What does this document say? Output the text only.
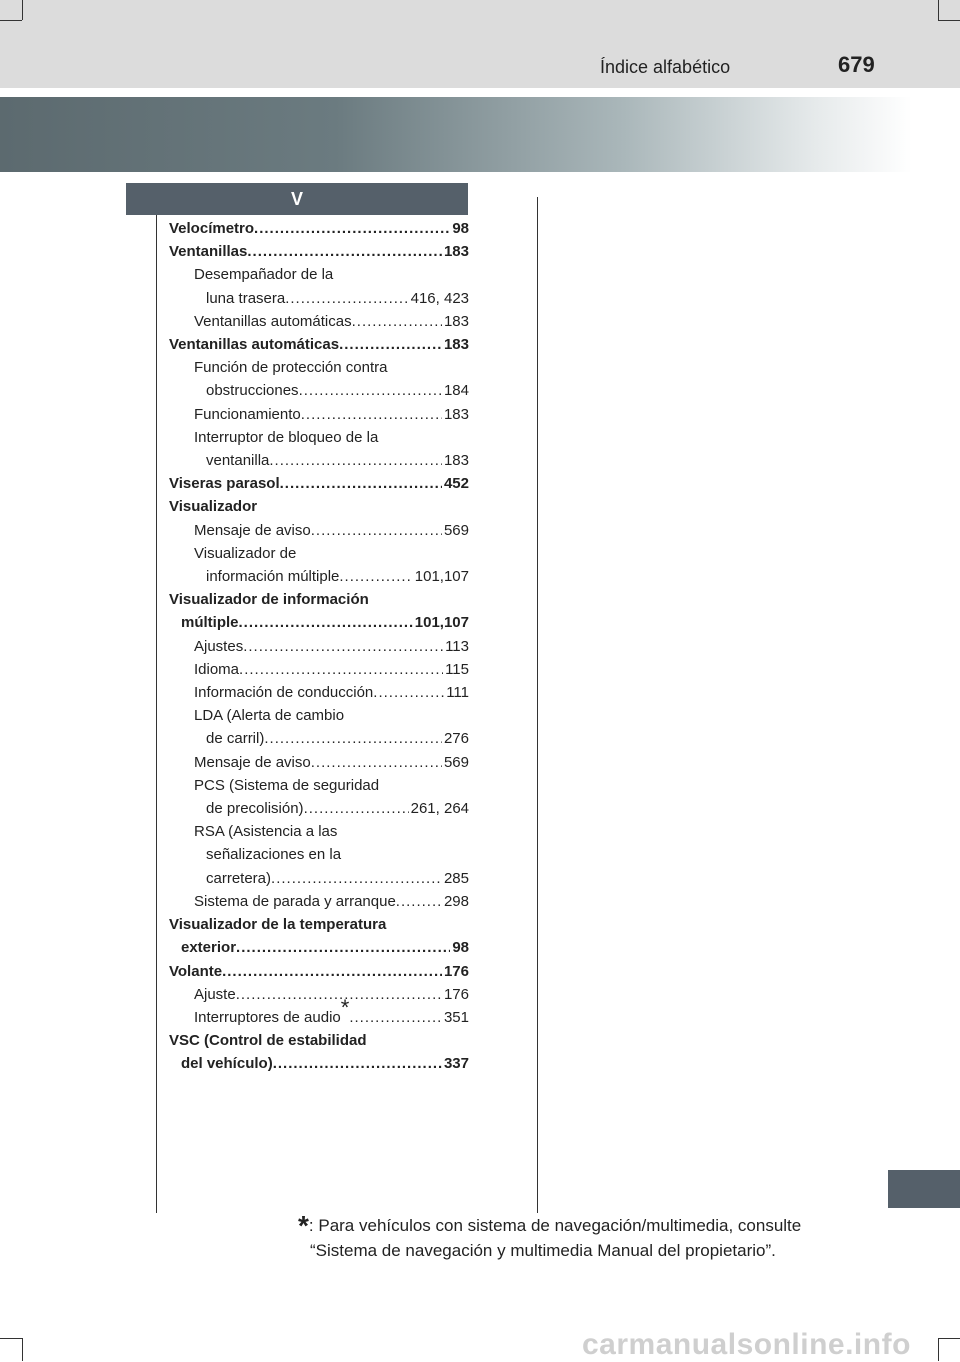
Índice alfabético	679
V
Velocímetro .....	98
Ventanillas .....	183
Desempañador de la
luna trasera .....	416, 423
Ventanillas automáticas .....	183
Ventanillas automáticas .....	183
Función de protección contra
obstrucciones .....	184
Funcionamiento .....	183
Interruptor de bloqueo de la
ventanilla .....	183
Viseras parasol .....	452
Visualizador
Mensaje de aviso .....	569
Visualizador de
información múltiple .....	101,107
Visualizador de información
múltiple .....	101,107
Ajustes .....	113
Idioma .....	115
Información de conducción .....	111
LDA (Alerta de cambio
de carril) .....	276
Mensaje de aviso .....	569
PCS (Sistema de seguridad
de precolisión) .....	261, 264
RSA (Asistencia a las
señalizaciones en la
carretera) .....	285
Sistema de parada y arranque .....	298
Visualizador de la temperatura
exterior .....	98
Volante .....	176
Ajuste .....	176
Interruptores de audio* .....	351
VSC (Control de estabilidad
del vehículo) .....	337
*: Para vehículos con sistema de navegación/multimedia, consulte
“Sistema de navegación y multimedia Manual del propietario”.
carmanualsonline.info
